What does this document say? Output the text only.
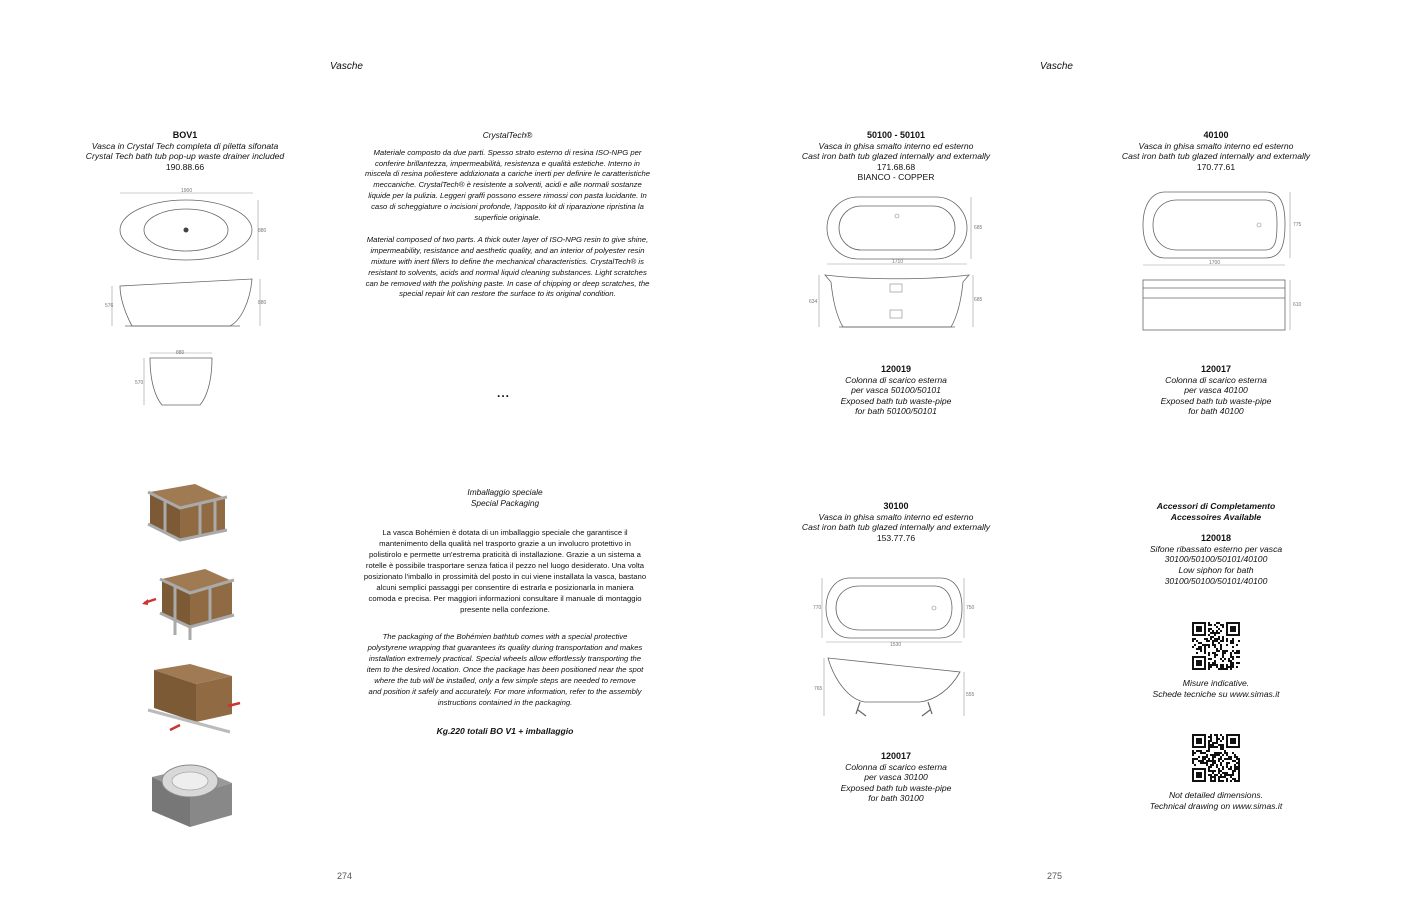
Vasche
274
BOV1
Vasca in Crystal Tech completa di piletta sifonata
Crystal Tech bath tub pop-up waste drainer included
190.88.66
1900
880
576	880
880
570
CrystalTech®
Materiale composto da due parti. Spesso strato esterno di resina ISO-NPG per
conferire brillantezza, impermeabilità, resistenza e qualità estetiche. Interno in
miscela di resina poliestere addizionata a cariche inerti per definire le caratteristiche
meccaniche. CrystalTech® è resistente a solventi, acidi e alle normali sostanze
liquide per la pulizia. Leggeri graffi possono essere rimossi con pasta lucidante. In
caso di scheggiature o incisioni profonde, l'apposito kit di riparazione ripristina la
superficie originale.
Material composed of two parts. A thick outer layer of ISO-NPG resin to give shine,
impermeability, resistance and aesthetic quality, and an interior of polyester resin
mixture with inert fillers to define the mechanical characteristics. CrystalTech® is
resistant to solvents, acids and normal liquid cleaning substances. Light scratches
can be removed with the polishing paste. In case of chipping or deep scratches, the
special repair kit can restore the surface to its original condition.
...
Imballaggio speciale
Special Packaging
La vasca Bohémien è dotata di un imballaggio speciale che garantisce il
mantenimento della qualità nel trasporto grazie a un involucro protettivo in
polistirolo e permette un'estrema praticità di installazione. Grazie a un sistema a
rotelle è possibile trasportare senza fatica il pezzo nel luogo desiderato. Una volta
posizionato l'imballo in prossimità del posto in cui viene installata la vasca, bastano
alcuni semplici passaggi per consentire di estrarla e posizionarla in maniera
comoda e precisa. Per maggiori informazioni consultare il manuale di montaggio
presente nella confezione.
The packaging of the Bohémien bathtub comes with a special protective
polystyrene wrapping that guarantees its quality during transportation and makes
installation extremely practical. Special wheels allow effortlessly transporting the
item to the desired location. Once the package has been positioned near the spot
where the tub will be installed, only a few simple steps are needed to remove
and position it safely and accurately. For more information, refer to the assembly
instructions contained in the packaging.
Kg.220 totali BO V1 + imballaggio
Vasche
275
50100 - 50101
Vasca in ghisa smalto interno ed esterno
Cast iron bath tub glazed internally and externally
171.68.68
BIANCO - COPPER
1710
685
634	685
40100
Vasca in ghisa smalto interno ed esterno
Cast iron bath tub glazed internally and externally
170.77.61
1700
775
610
120019
Colonna di scarico esterna
per vasca 50100/50101
Exposed bath tub waste-pipe
for bath 50100/50101
120017
Colonna di scarico esterna
per vasca 40100
Exposed bath tub waste-pipe
for bath 40100
30100
Vasca in ghisa smalto interno ed esterno
Cast iron bath tub glazed internally and externally
153.77.76
1530
770	750
765
555
120017
Colonna di scarico esterna
per vasca 30100
Exposed bath tub waste-pipe
for bath 30100
Accessori di Completamento
Accessoires Available
120018
Sifone ribassato esterno per vasca
30100/50100/50101/40100
Low siphon for bath
30100/50100/50101/40100
Misure indicative.
Schede tecniche su www.simas.it
Not detailed dimensions.
Technical drawing on www.simas.it
